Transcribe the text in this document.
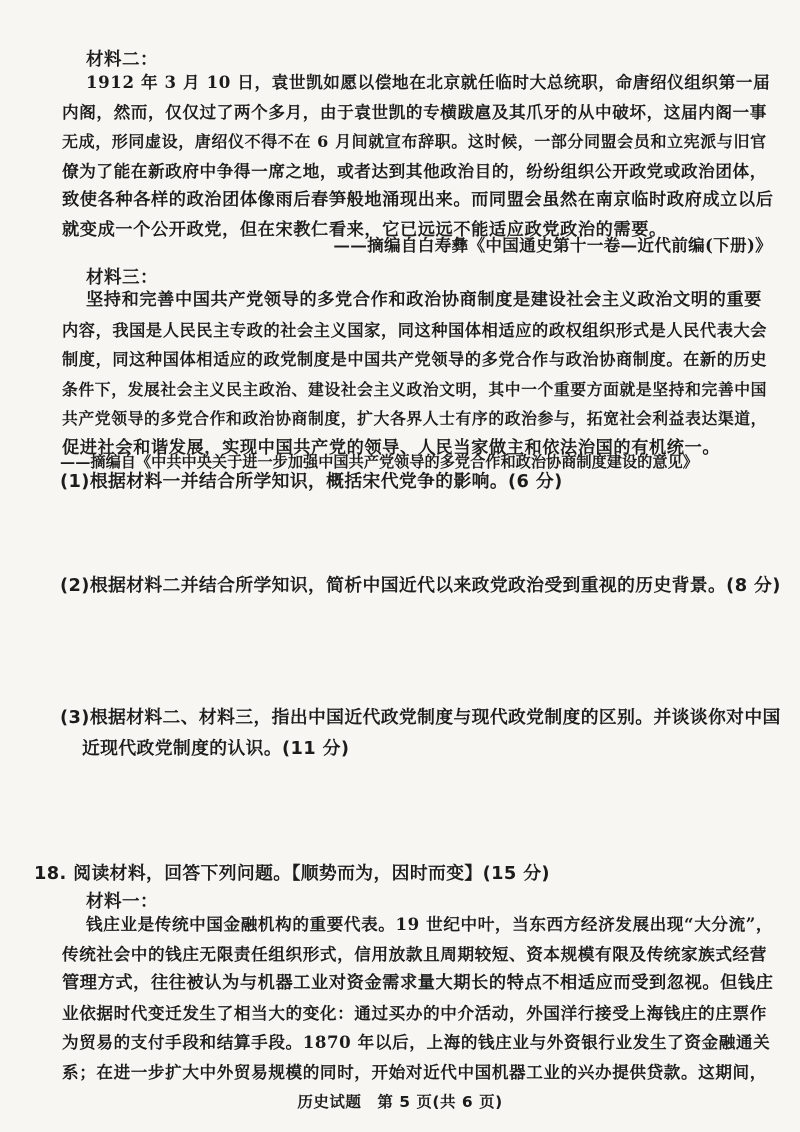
材料二：
1912 年 3 月 10 日，袁世凯如愿以偿地在北京就任临时大总统职，命唐绍仪组织第一届
内阁，然而，仅仅过了两个多月，由于袁世凯的专横跋扈及其爪牙的从中破坏，这届内阁一事
无成，形同虚设，唐绍仪不得不在 6 月间就宣布辞职。这时候，一部分同盟会员和立宪派与旧官
僚为了能在新政府中争得一席之地，或者达到其他政治目的，纷纷组织公开政党或政治团体，
致使各种各样的政治团体像雨后春笋般地涌现出来。而同盟会虽然在南京临时政府成立以后
就变成一个公开政党，但在宋教仁看来，它已远远不能适应政党政治的需要。
——摘编自白寿彝《中国通史第十一卷—近代前编(下册)》
材料三：
坚持和完善中国共产党领导的多党合作和政治协商制度是建设社会主义政治文明的重要
内容，我国是人民民主专政的社会主义国家，同这种国体相适应的政权组织形式是人民代表大会
制度，同这种国体相适应的政党制度是中国共产党领导的多党合作与政治协商制度。在新的历史
条件下，发展社会主义民主政治、建设社会主义政治文明，其中一个重要方面就是坚持和完善中国
共产党领导的多党合作和政治协商制度，扩大各界人士有序的政治参与，拓宽社会利益表达渠道，
促进社会和谐发展，实现中国共产党的领导、人民当家做主和依法治国的有机统一。
——摘编自《中共中央关于进一步加强中国共产党领导的多党合作和政治协商制度建设的意见》
(1)根据材料一并结合所学知识，概括宋代党争的影响。(6 分)
(2)根据材料二并结合所学知识，简析中国近代以来政党政治受到重视的历史背景。(8 分)
(3)根据材料二、材料三，指出中国近代政党制度与现代政党制度的区别。并谈谈你对中国
近现代政党制度的认识。(11 分)
18. 阅读材料，回答下列问题。【顺势而为，因时而变】(15 分)
材料一：
钱庄业是传统中国金融机构的重要代表。19 世纪中叶，当东西方经济发展出现“大分流”，
传统社会中的钱庄无限责任组织形式，信用放款且周期较短、资本规模有限及传统家族式经营
管理方式，往往被认为与机器工业对资金需求量大期长的特点不相适应而受到忽视。但钱庄
业依据时代变迁发生了相当大的变化：通过买办的中介活动，外国洋行接受上海钱庄的庄票作
为贸易的支付手段和结算手段。1870 年以后，上海的钱庄业与外资银行业发生了资金融通关
系；在进一步扩大中外贸易规模的同时，开始对近代中国机器工业的兴办提供贷款。这期间，
历史试题　第 5 页(共 6 页)
